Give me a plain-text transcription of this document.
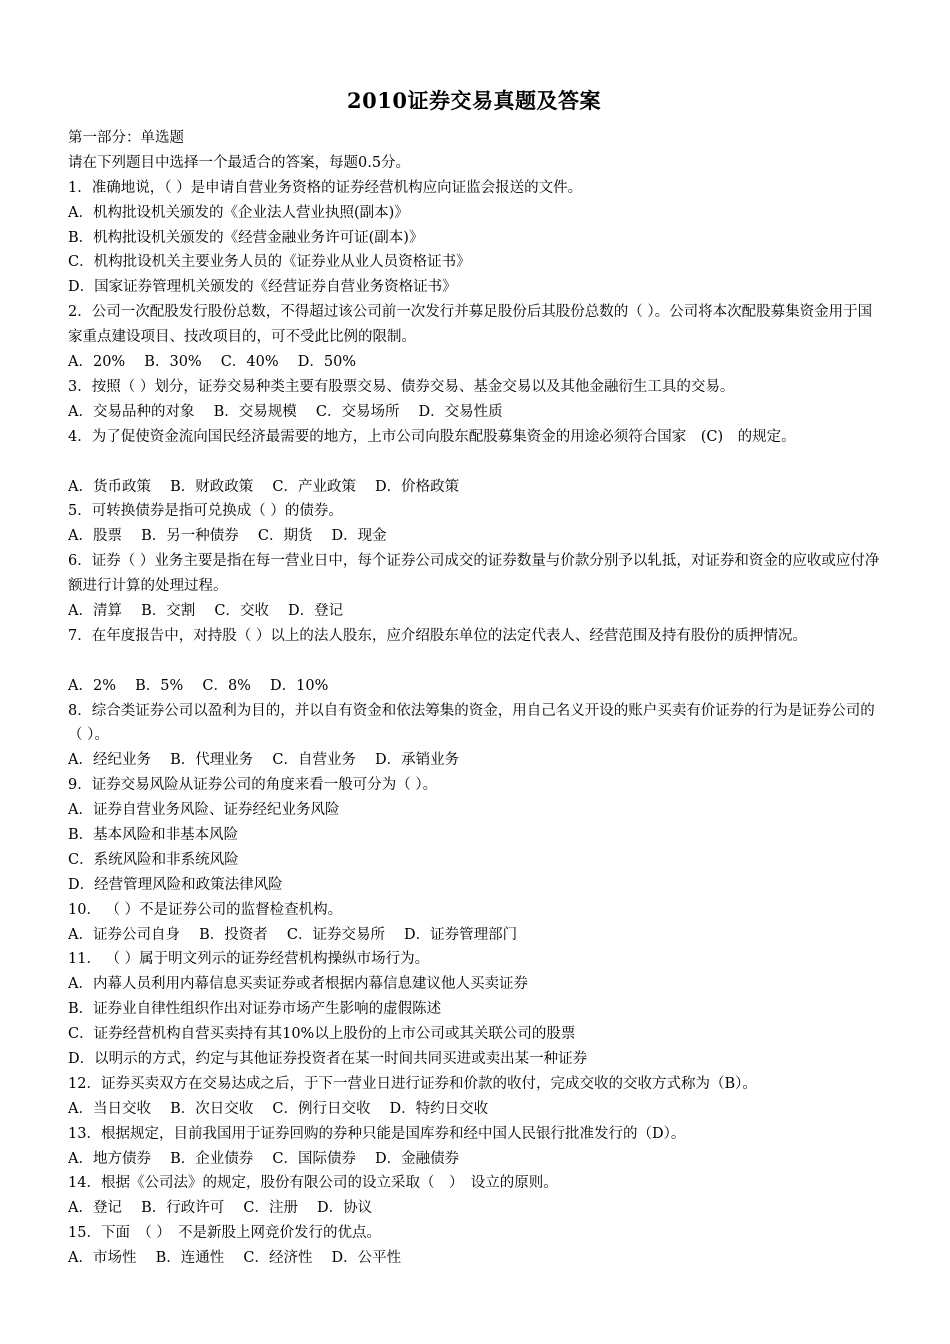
2010证券交易真题及答案
第一部分：单选题
请在下列题目中选择一个最适合的答案，每题0.5分。
1．准确地说，（ ）是申请自营业务资格的证券经营机构应向证监会报送的文件。
A．机构批设机关颁发的《企业法人营业执照(副本)》
B．机构批设机关颁发的《经营金融业务许可证(副本)》
C．机构批设机关主要业务人员的《证券业从业人员资格证书》
D．国家证券管理机关颁发的《经营证券自营业务资格证书》
2．公司一次配股发行股份总数，不得超过该公司前一次发行并募足股份后其股份总数的（ ）。公司将本次配股募集资金用于国家重点建设项目、技改项目的，可不受此比例的限制。
A．20%　 B．30%　 C．40%　 D．50%
3．按照（ ）划分，证券交易种类主要有股票交易、债券交易、基金交易以及其他金融衍生工具的交易。
A．交易品种的对象　 B．交易规模　 C．交易场所　 D．交易性质
4．为了促使资金流向国民经济最需要的地方，上市公司向股东配股募集资金的用途必须符合国家　(C)　的规定。
A．货币政策　 B．财政政策　 C．产业政策　 D．价格政策
5．可转换债券是指可兑换成（ ）的债券。
A．股票　 B．另一种债券　 C．期货　 D．现金
6．证券（ ）业务主要是指在每一营业日中，每个证券公司成交的证券数量与价款分别予以轧抵，对证券和资金的应收或应付净额进行计算的处理过程。
A．清算　 B．交割　 C．交收　 D．登记
7．在年度报告中，对持股（ ）以上的法人股东，应介绍股东单位的法定代表人、经营范围及持有股份的质押情况。
A．2%　 B．5%　 C．8%　 D．10%
8．综合类证券公司以盈利为目的，并以自有资金和依法筹集的资金，用自己名义开设的账户买卖有价证券的行为是证券公司的（ ）。
A．经纪业务　 B．代理业务　 C．自营业务　 D．承销业务
9．证券交易风险从证券公司的角度来看一般可分为（ ）。
A．证券自营业务风险、证券经纪业务风险
B．基本风险和非基本风险
C．系统风险和非系统风险
D．经营管理风险和政策法律风险
10． （ ）不是证券公司的监督检查机构。
A．证券公司自身　 B．投资者　 C．证券交易所　 D．证券管理部门
11． （ ）属于明文列示的证券经营机构操纵市场行为。
A．内幕人员利用内幕信息买卖证券或者根据内幕信息建议他人买卖证券
B．证券业自律性组织作出对证券市场产生影响的虚假陈述
C．证券经营机构自营买卖持有其10%以上股份的上市公司或其关联公司的股票
D．以明示的方式，约定与其他证券投资者在某一时间共同买进或卖出某一种证券
12．证券买卖双方在交易达成之后，于下一营业日进行证券和价款的收付，完成交收的交收方式称为（B）。
A．当日交收　 B．次日交收　 C．例行日交收　 D．特约日交收
13．根据规定，目前我国用于证券回购的券种只能是国库券和经中国人民银行批准发行的（D）。
A．地方债券　 B．企业债券　 C．国际债券　 D．金融债券
14．根据《公司法》的规定，股份有限公司的设立采取（　）　设立的原则。
A．登记　 B．行政许可　 C．注册　 D．协议
15．下面　（ ）　不是新股上网竞价发行的优点。
A．市场性　 B．连通性　 C．经济性　 D．公平性
